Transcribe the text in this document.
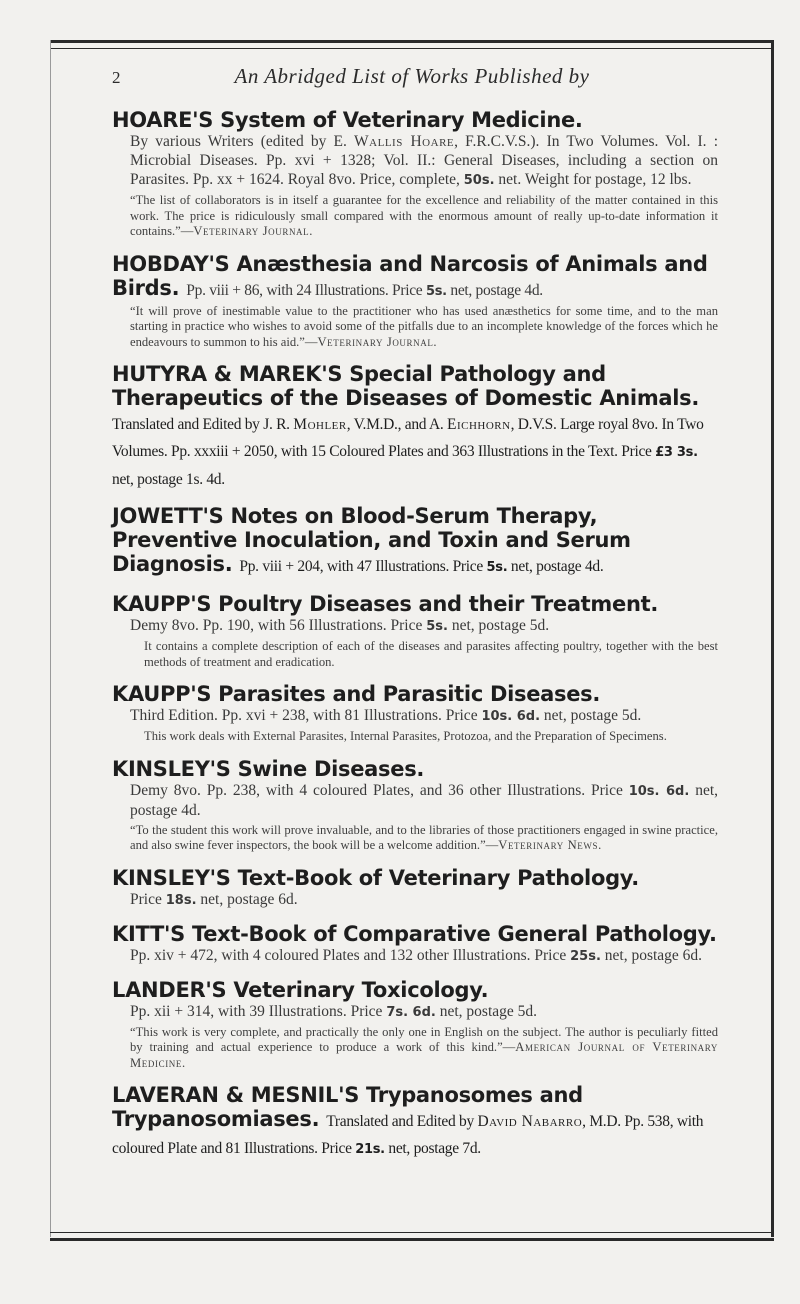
2	An Abridged List of Works Published by
HOARE'S System of Veterinary Medicine.
By various Writers (edited by E. Wallis Hoare, F.R.C.V.S.). In Two Volumes. Vol. I. : Microbial Diseases. Pp. xvi + 1328; Vol. II.: General Diseases, including a section on Parasites. Pp. xx + 1624. Royal 8vo. Price, complete, 50s. net. Weight for postage, 12 lbs.
“The list of collaborators is in itself a guarantee for the excellence and reliability of the matter contained in this work. The price is ridiculously small compared with the enormous amount of really up-to-date information it contains.”—Veterinary Journal.
HOBDAY'S Anæsthesia and Narcosis of Animals and Birds. Pp. viii + 86, with 24 Illustrations. Price 5s. net, postage 4d.
“It will prove of inestimable value to the practitioner who has used anæsthetics for some time, and to the man starting in practice who wishes to avoid some of the pitfalls due to an incomplete knowledge of the forces which he endeavours to summon to his aid.”—Veterinary Journal.
HUTYRA & MAREK'S Special Pathology and Therapeutics of the Diseases of Domestic Animals. Translated and Edited by J. R. Mohler, V.M.D., and A. Eichhorn, D.V.S. Large royal 8vo. In Two Volumes. Pp. xxxiii + 2050, with 15 Coloured Plates and 363 Illustrations in the Text. Price £3 3s. net, postage 1s. 4d.
JOWETT'S Notes on Blood-Serum Therapy, Preventive Inoculation, and Toxin and Serum Diagnosis. Pp. viii + 204, with 47 Illustrations. Price 5s. net, postage 4d.
KAUPP'S Poultry Diseases and their Treatment.
Demy 8vo. Pp. 190, with 56 Illustrations. Price 5s. net, postage 5d.
It contains a complete description of each of the diseases and parasites affecting poultry, together with the best methods of treatment and eradication.
KAUPP'S Parasites and Parasitic Diseases.
Third Edition. Pp. xvi + 238, with 81 Illustrations. Price 10s. 6d. net, postage 5d.
This work deals with External Parasites, Internal Parasites, Protozoa, and the Preparation of Specimens.
KINSLEY'S Swine Diseases.
Demy 8vo. Pp. 238, with 4 coloured Plates, and 36 other Illustrations. Price 10s. 6d. net, postage 4d.
“To the student this work will prove invaluable, and to the libraries of those practitioners engaged in swine practice, and also swine fever inspectors, the book will be a welcome addition.”—Veterinary News.
KINSLEY'S Text-Book of Veterinary Pathology.
Price 18s. net, postage 6d.
KITT'S Text-Book of Comparative General Pathology.
Pp. xiv + 472, with 4 coloured Plates and 132 other Illustrations. Price 25s. net, postage 6d.
LANDER'S Veterinary Toxicology.
Pp. xii + 314, with 39 Illustrations. Price 7s. 6d. net, postage 5d.
“This work is very complete, and practically the only one in English on the subject. The author is peculiarly fitted by training and actual experience to produce a work of this kind.”—American Journal of Veterinary Medicine.
LAVERAN & MESNIL'S Trypanosomes and Trypanosomiases. Translated and Edited by David Nabarro, M.D. Pp. 538, with coloured Plate and 81 Illustrations. Price 21s. net, postage 7d.
